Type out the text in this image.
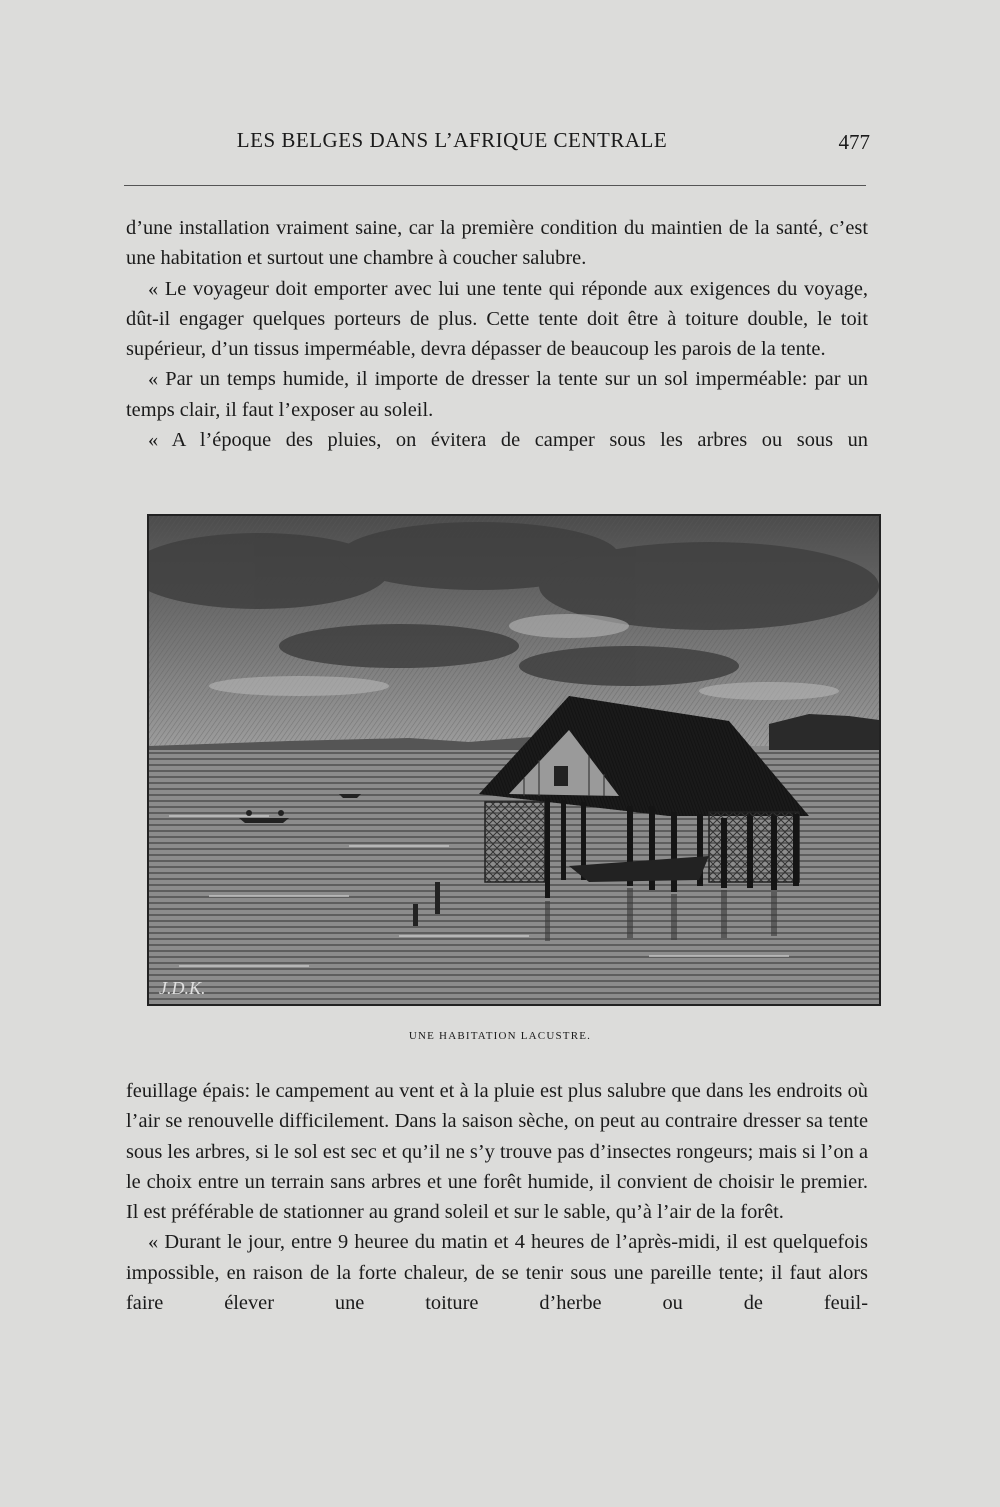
LES BELGES DANS L’AFRIQUE CENTRALE	477

d’une installation vraiment saine, car la première condition du maintien de la santé, c’est une habitation et surtout une chambre à coucher salubre.

« Le voyageur doit emporter avec lui une tente qui réponde aux exigences du voyage, dût-il engager quelques porteurs de plus. Cette tente doit être à toiture double, le toit supérieur, d’un tissus imperméable, devra dépasser de beaucoup les parois de la tente.

« Par un temps humide, il importe de dresser la tente sur un sol imperméable: par un temps clair, il faut l’exposer au soleil.

« A l’époque des pluies, on évitera de camper sous les arbres ou sous un

J.D.K.
UNE HABITATION LACUSTRE.

feuillage épais: le campement au vent et à la pluie est plus salubre que dans les endroits où l’air se renouvelle difficilement. Dans la saison sèche, on peut au contraire dresser sa tente sous les arbres, si le sol est sec et qu’il ne s’y trouve pas d’insectes rongeurs; mais si l’on a le choix entre un terrain sans arbres et une forêt humide, il convient de choisir le premier. Il est préférable de stationner au grand soleil et sur le sable, qu’à l’air de la forêt.

« Durant le jour, entre 9 heuree du matin et 4 heures de l’après-midi, il est quelquefois impossible, en raison de la forte chaleur, de se tenir sous une pareille tente; il faut alors faire élever une toiture d’herbe ou de feuil-
